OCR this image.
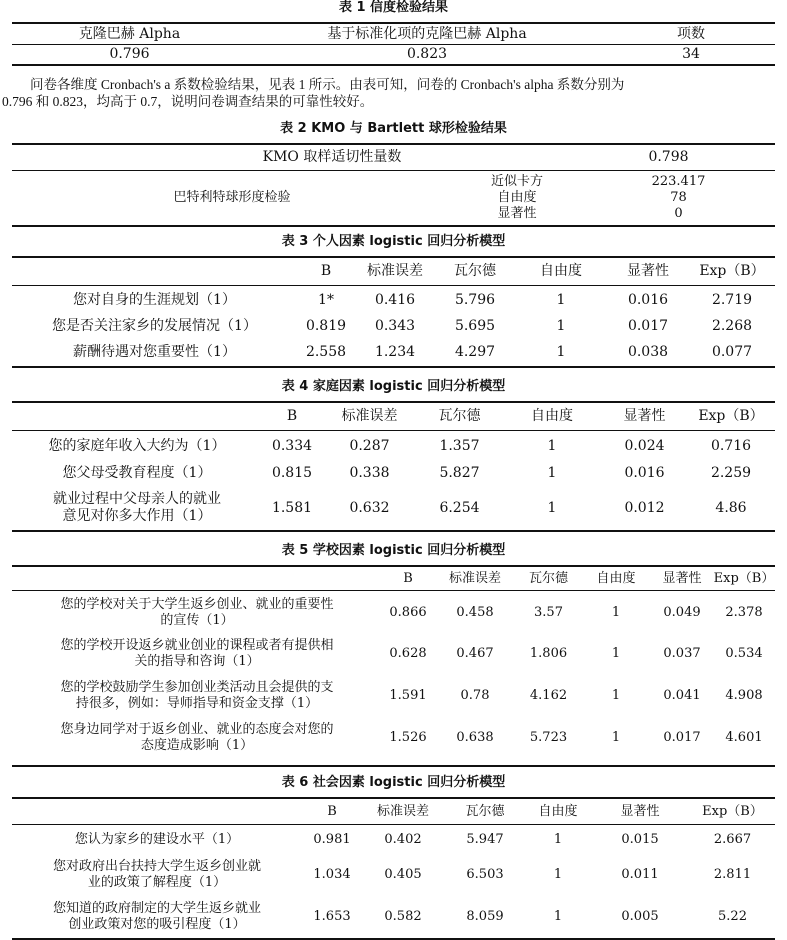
表 1 信度检验结果
克隆巴赫 Alpha	基于标准化项的克隆巴赫 Alpha	项数
0.796	0.823	34
问卷各维度 Cronbach's a 系数检验结果，见表 1 所示。由表可知，问卷的 Cronbach's alpha 系数分别为
0.796 和 0.823，均高于 0.7，说明问卷调查结果的可靠性较好。
表 2 KMO 与 Bartlett 球形检验结果
KMO 取样适切性量数	0.798
巴特利特球形度检验	近似卡方	223.417
	自由度	78
	显著性	0
表 3 个人因素 logistic 回归分析模型
	B	标准误差	瓦尔德	自由度	显著性	Exp（B）

您对自身的生涯规划（1）	1*	0.416	5.796	1	0.016	2.719
您是否关注家乡的发展情况（1）	0.819	0.343	5.695	1	0.017	2.268
薪酬待遇对您重要性（1）	2.558	1.234	4.297	1	0.038	0.077
表 4 家庭因素 logistic 回归分析模型
	B	标准误差	瓦尔德	自由度	显著性	Exp（B）

您的家庭年收入大约为（1）	0.334	0.287	1.357	1	0.024	0.716
您父母受教育程度（1）	0.815	0.338	5.827	1	0.016	2.259

就业过程中父母亲人的就业
意见对你多大作用（1）	1.581	0.632	6.254	1	0.012	4.86
表 5 学校因素 logistic 回归分析模型
	B	标准误差	瓦尔德	自由度	显著性	Exp（B）

您的学校对关于大学生返乡创业、就业的重要性
的宣传（1）	0.866	0.458	3.57	1	0.049	2.378

您的学校开设返乡就业创业的课程或者有提供相
关的指导和咨询（1）	0.628	0.467	1.806	1	0.037	0.534

您的学校鼓励学生参加创业类活动且会提供的支
持很多，例如：导师指导和资金支撑（1）	1.591	0.78	4.162	1	0.041	4.908

您身边同学对于返乡创业、就业的态度会对您的
态度造成影响（1）	1.526	0.638	5.723	1	0.017	4.601
表 6 社会因素 logistic 回归分析模型
	B	标准误差	瓦尔德	自由度	显著性	Exp（B）

您认为家乡的建设水平（1）	0.981	0.402	5.947	1	0.015	2.667

您对政府出台扶持大学生返乡创业就
业的政策了解程度（1）	1.034	0.405	6.503	1	0.011	2.811

您知道的政府制定的大学生返乡就业
创业政策对您的吸引程度（1）	1.653	0.582	8.059	1	0.005	5.22
